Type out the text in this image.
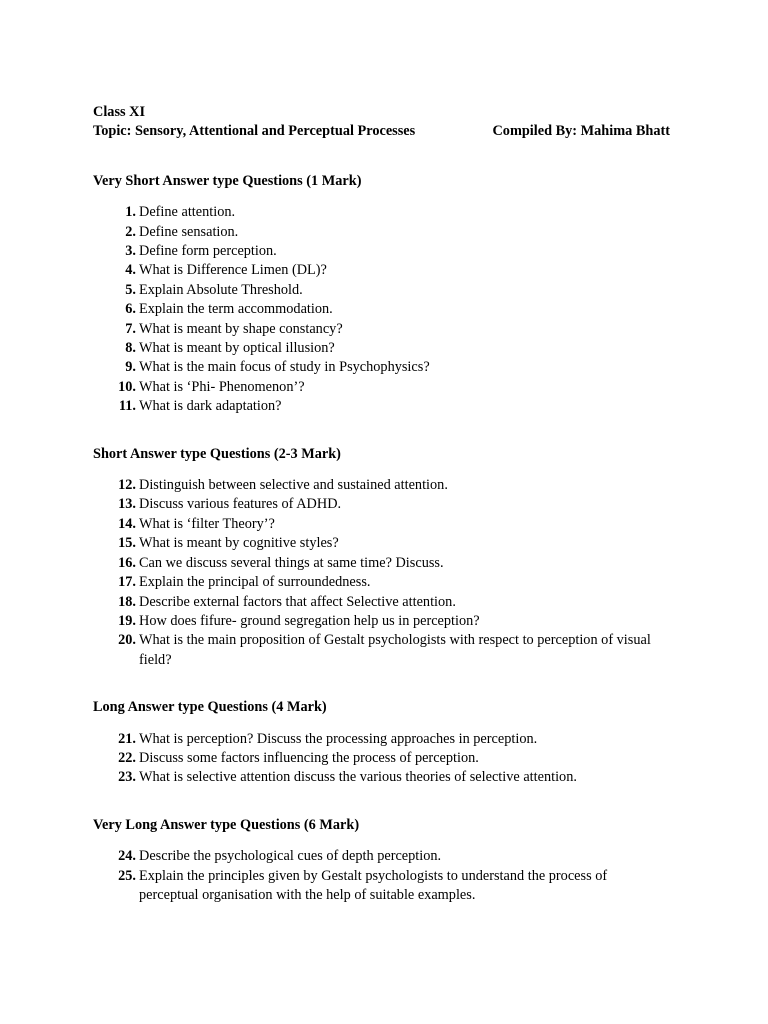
Class XI
Topic: Sensory, Attentional and Perceptual Processes	Compiled By: Mahima Bhatt
Very Short Answer type Questions (1 Mark)
1. Define attention.
2. Define sensation.
3. Define form perception.
4. What is Difference Limen (DL)?
5. Explain Absolute Threshold.
6. Explain the term accommodation.
7. What is meant by shape constancy?
8. What is meant by optical illusion?
9. What is the main focus of study in Psychophysics?
10. What is ‘Phi- Phenomenon’?
11. What is dark adaptation?
Short Answer type Questions (2-3 Mark)
12. Distinguish between selective and sustained attention.
13. Discuss various features of ADHD.
14. What is ‘filter Theory’?
15. What is meant by cognitive styles?
16. Can we discuss several things at same time? Discuss.
17. Explain the principal of surroundedness.
18. Describe external factors that affect Selective attention.
19. How does fifure- ground segregation help us in perception?
20. What is the main proposition of Gestalt psychologists with respect to perception of visual field?
Long Answer type Questions (4 Mark)
21. What is perception? Discuss the processing approaches in perception.
22. Discuss some factors influencing the process of perception.
23. What is selective attention discuss the various theories of selective attention.
Very Long Answer type Questions (6 Mark)
24. Describe the psychological cues of depth perception.
25. Explain the principles given by Gestalt psychologists to understand the process of perceptual organisation with the help of suitable examples.
